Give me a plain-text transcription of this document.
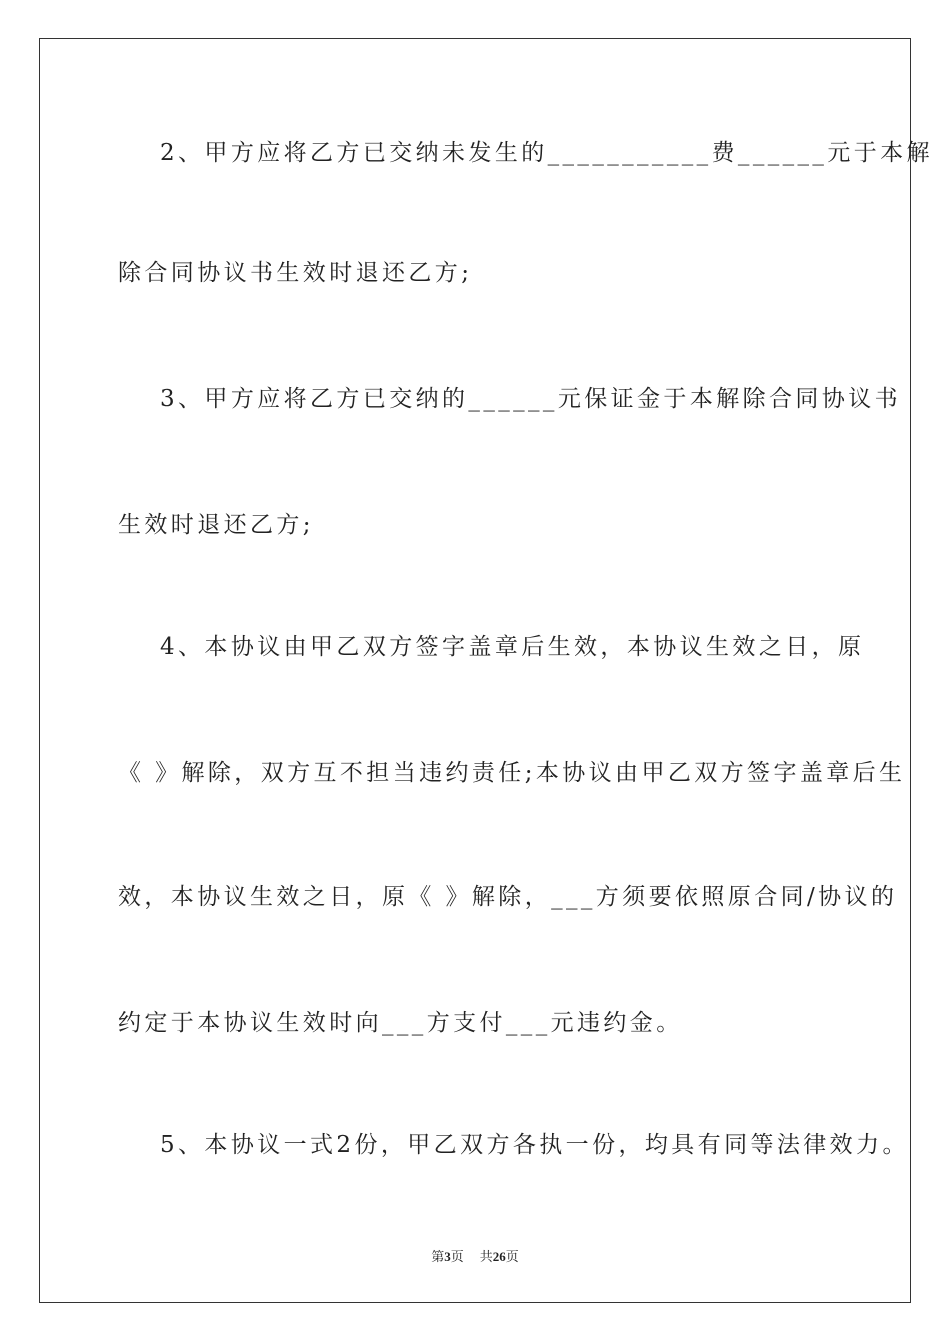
2、甲方应将乙方已交纳未发生的___________费______元于本解
除合同协议书生效时退还乙方;
3、甲方应将乙方已交纳的______元保证金于本解除合同协议书
生效时退还乙方;
4、本协议由甲乙双方签字盖章后生效，本协议生效之日，原
《 》解除，双方互不担当违约责任;本协议由甲乙双方签字盖章后生
效，本协议生效之日，原《 》解除，___方须要依照原合同/协议的
约定于本协议生效时向___方支付___元违约金。
5、本协议一式2份，甲乙双方各执一份，均具有同等法律效力。
第3页 共26页
